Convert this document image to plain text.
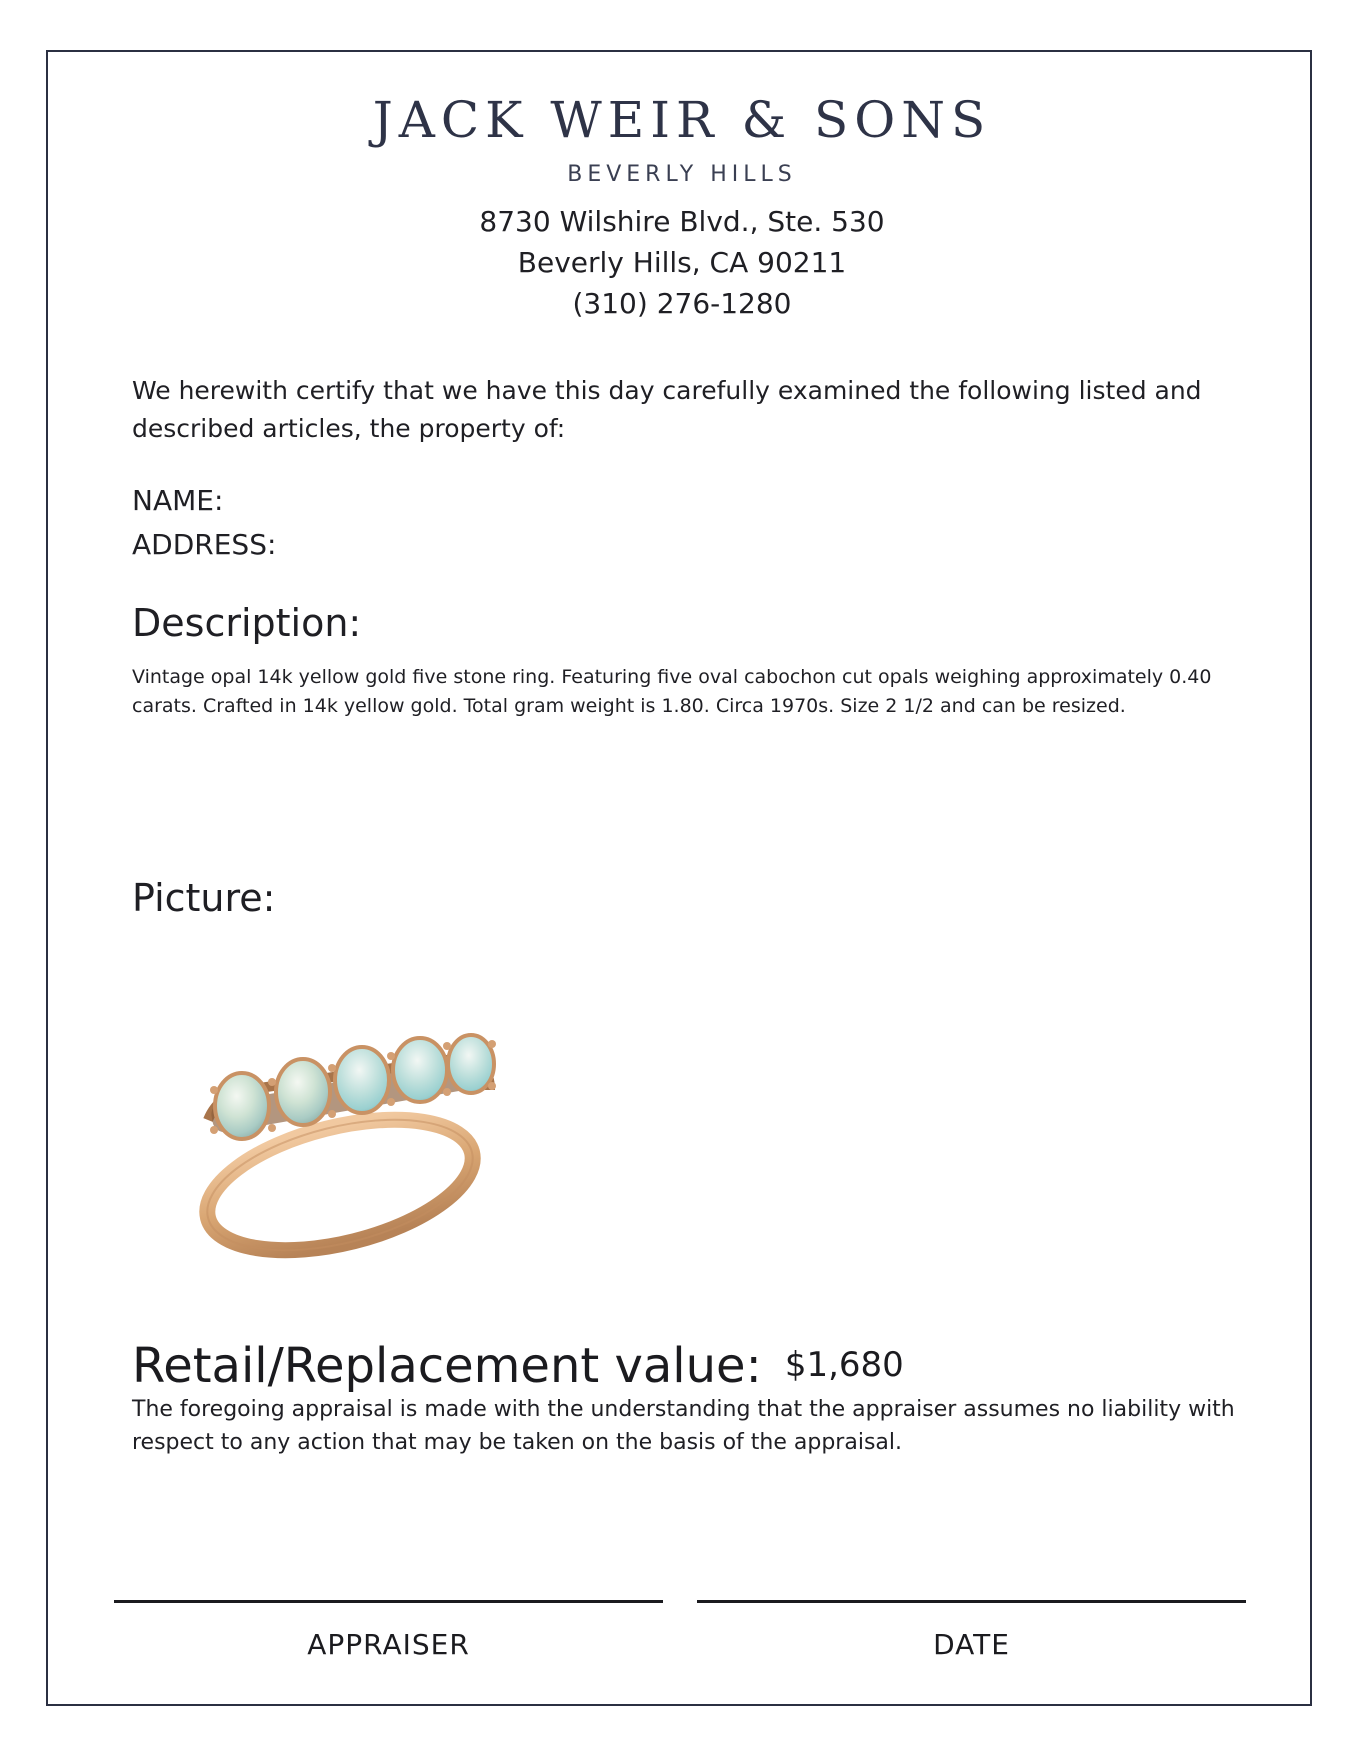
JACK WEIR & SONS
BEVERLY HILLS
8730 Wilshire Blvd., Ste. 530
Beverly Hills, CA 90211
(310) 276-1280
We herewith certify that we have this day carefully examined the following listed and described articles, the property of:
NAME:
ADDRESS:
Description:
Vintage opal 14k yellow gold five stone ring. Featuring five oval cabochon cut opals weighing approximately 0.40 carats. Crafted in 14k yellow gold. Total gram weight is 1.80. Circa 1970s. Size 2 1/2 and can be resized.
Picture:
Retail/Replacement value: $1,680
The foregoing appraisal is made with the understanding that the appraiser assumes no liability with respect to any action that may be taken on the basis of the appraisal.
APPRAISER	DATE
